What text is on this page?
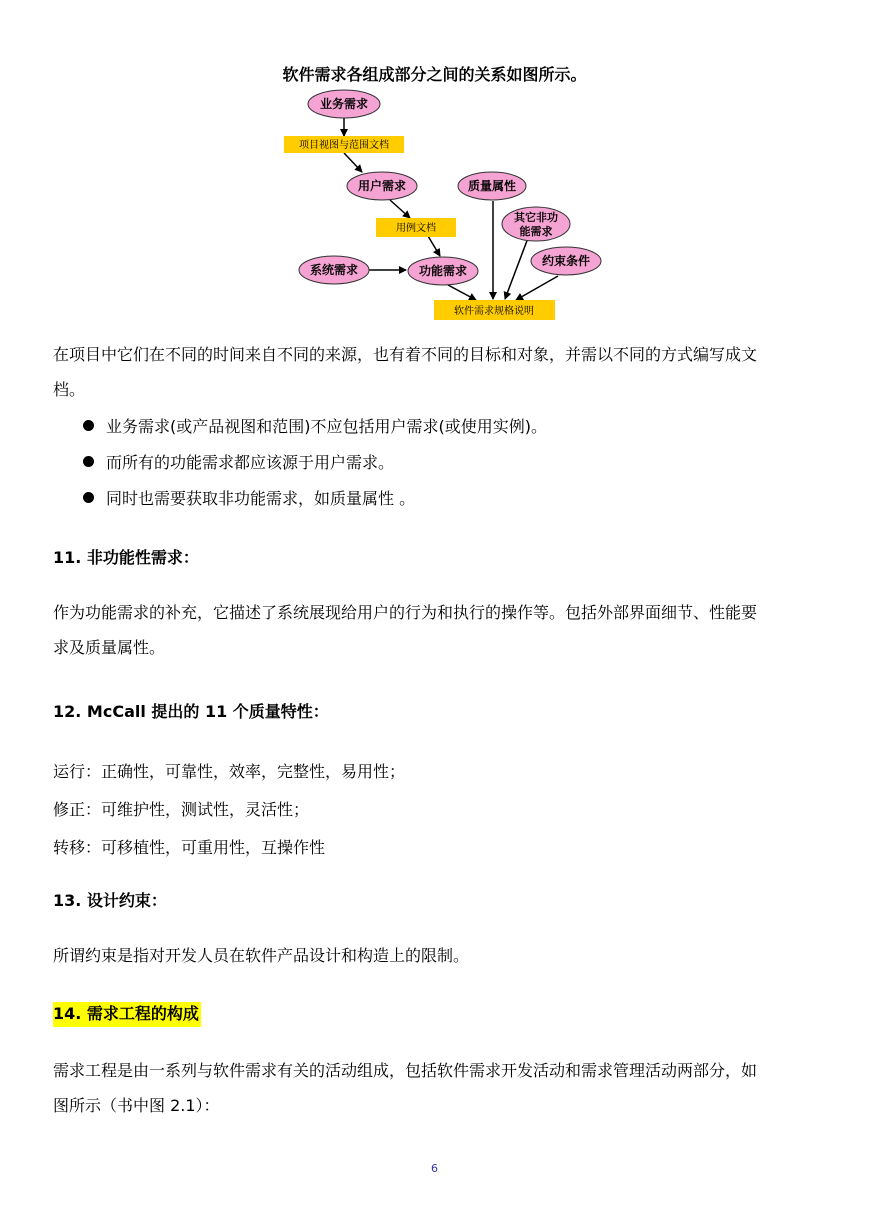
软件需求各组成部分之间的关系如图所示。
业务需求
用户需求	质量属性
其它非功
能需求
约束条件
系统需求	功能需求
项目视图与范围文档
用例文档
软件需求规格说明
在项目中它们在不同的时间来自不同的来源，也有着不同的目标和对象，并需以不同的方式编写成文
档。
业务需求(或产品视图和范围)不应包括用户需求(或使用实例)。
而所有的功能需求都应该源于用户需求。
同时也需要获取非功能需求，如质量属性 。
11. 非功能性需求：
作为功能需求的补充，它描述了系统展现给用户的行为和执行的操作等。包括外部界面细节、性能要
求及质量属性。
12. McCall 提出的 11 个质量特性：
运行：正确性，可靠性，效率，完整性，易用性；
修正：可维护性，测试性，灵活性；
转移：可移植性，可重用性，互操作性
13. 设计约束：
所谓约束是指对开发人员在软件产品设计和构造上的限制。
14. 需求工程的构成
需求工程是由一系列与软件需求有关的活动组成，包括软件需求开发活动和需求管理活动两部分，如
图所示（书中图 2.1）：
6
